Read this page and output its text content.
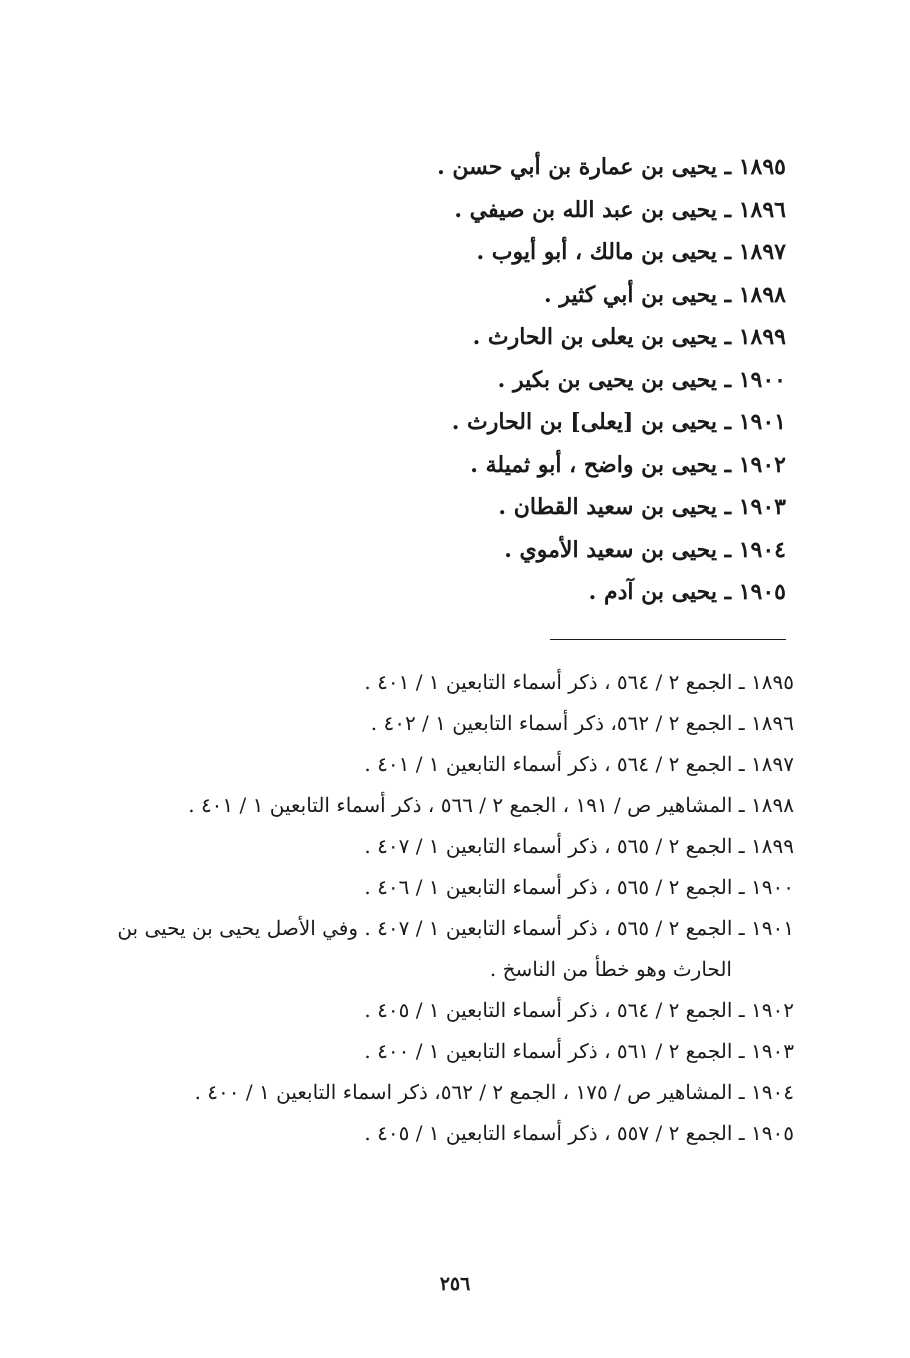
١٨٩٥ ـ يحيى بن عمارة بن أبي حسن .
١٨٩٦ ـ يحيى بن عبد الله بن صيفي .
١٨٩٧ ـ يحيى بن مالك ، أبو أيوب .
١٨٩٨ ـ يحيى بن أبي كثير .
١٨٩٩ ـ يحيى بن يعلى بن الحارث .
١٩٠٠ ـ يحيى بن يحيى بن بكير .
١٩٠١ ـ يحيى بن [يعلى] بن الحارث .
١٩٠٢ ـ يحيى بن واضح ، أبو ثميلة .
١٩٠٣ ـ يحيى بن سعيد القطان .
١٩٠٤ ـ يحيى بن سعيد الأموي .
١٩٠٥ ـ يحيى بن آدم .
١٨٩٥ ـ الجمع ٢ / ٥٦٤ ، ذكر أسماء التابعين ١ / ٤٠١ .
١٨٩٦ ـ الجمع ٢ / ٥٦٢، ذكر أسماء التابعين ١ / ٤٠٢ .
١٨٩٧ ـ الجمع ٢ / ٥٦٤ ، ذكر أسماء التابعين ١ / ٤٠١ .
١٨٩٨ ـ المشاهير ص / ١٩١ ، الجمع ٢ / ٥٦٦ ، ذكر أسماء التابعين ١ / ٤٠١ .
١٨٩٩ ـ الجمع ٢ / ٥٦٥ ، ذكر أسماء التابعين ١ / ٤٠٧ .
١٩٠٠ ـ الجمع ٢ / ٥٦٥ ، ذكر أسماء التابعين ١ / ٤٠٦ .
١٩٠١ ـ الجمع ٢ / ٥٦٥ ، ذكر أسماء التابعين ١ / ٤٠٧ . وفي الأصل يحيى بن يحيى بن الحارث وهو خطأ من الناسخ .
١٩٠٢ ـ الجمع ٢ / ٥٦٤ ، ذكر أسماء التابعين ١ / ٤٠٥ .
١٩٠٣ ـ الجمع ٢ / ٥٦١ ، ذكر أسماء التابعين ١ / ٤٠٠ .
١٩٠٤ ـ المشاهير ص / ١٧٥ ، الجمع ٢ / ٥٦٢، ذكر اسماء التابعين ١ / ٤٠٠ .
١٩٠٥ ـ الجمع ٢ / ٥٥٧ ، ذكر أسماء التابعين ١ / ٤٠٥ .
٢٥٦
